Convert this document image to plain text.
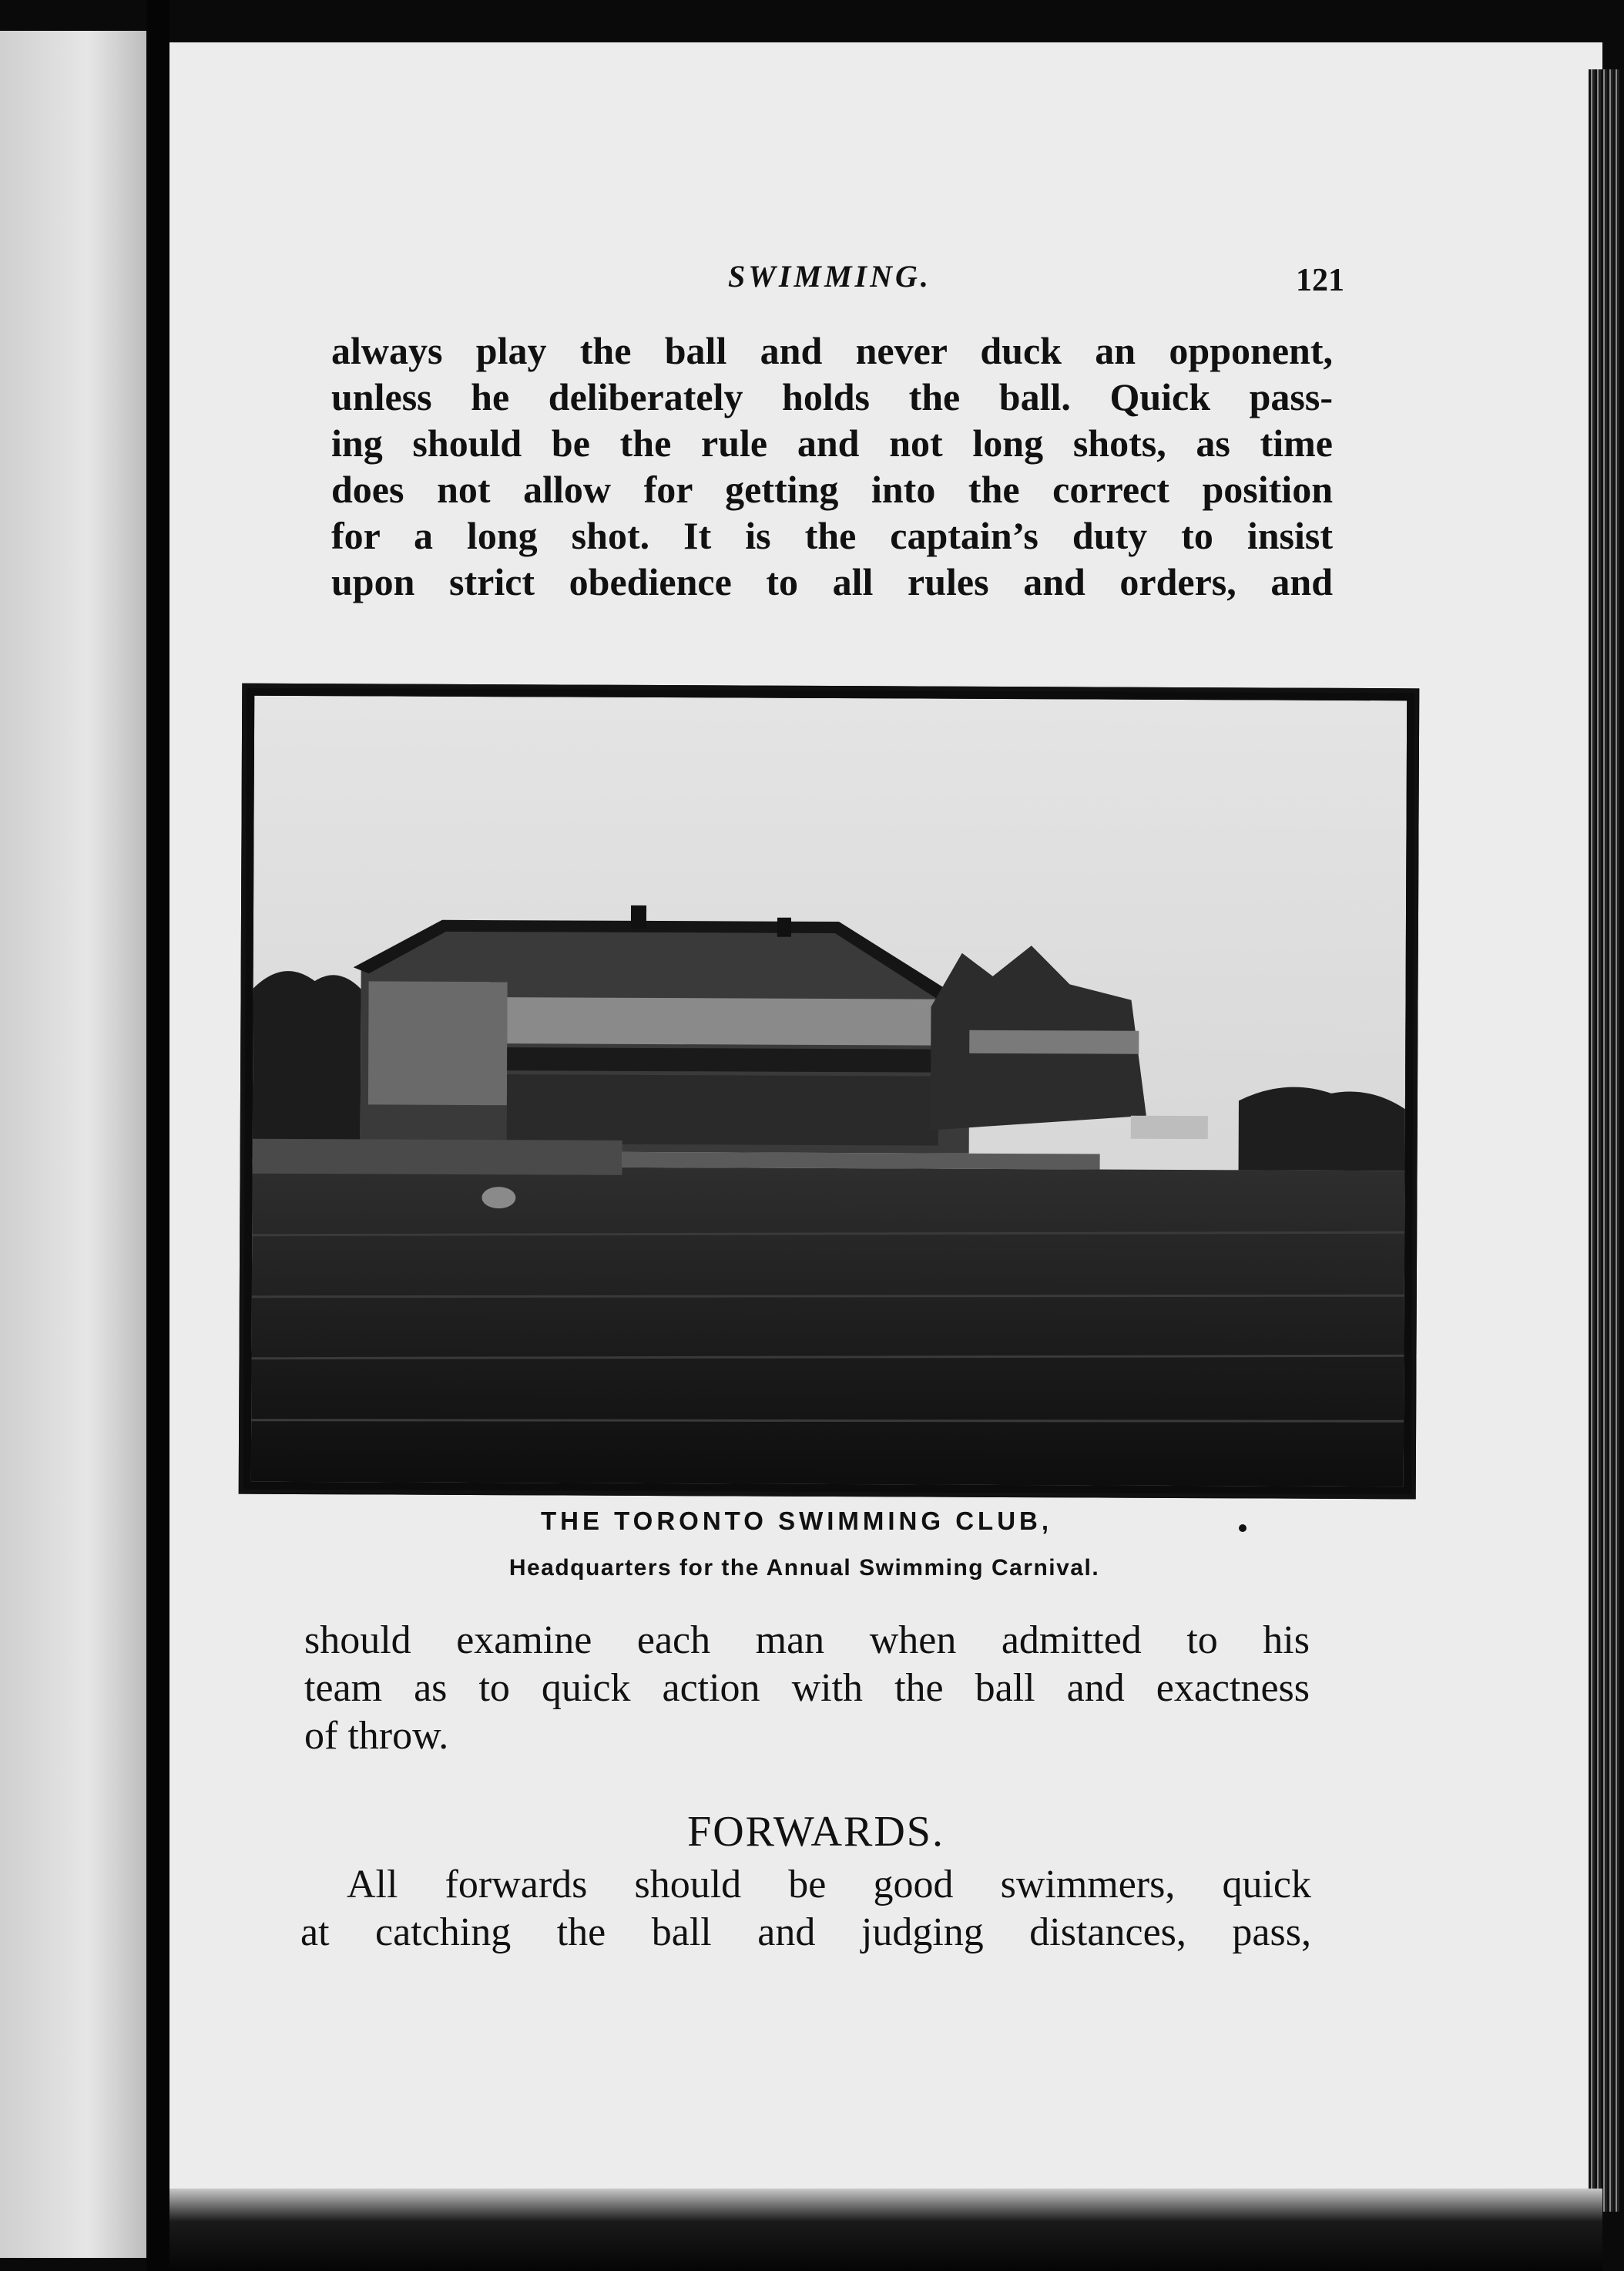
SWIMMING.	121
always play the ball and never duck an opponent,
unless he deliberately holds the ball. Quick pass-
ing should be the rule and not long shots, as time
does not allow for getting into the correct position
for a long shot. It is the captain’s duty to insist
upon strict obedience to all rules and orders, and
THE TORONTO SWIMMING CLUB,
Headquarters for the Annual Swimming Carnival.
should examine each man when admitted to his
team as to quick action with the ball and exactness
of throw.
FORWARDS.
All forwards should be good swimmers, quick
at catching the ball and judging distances, pass,
